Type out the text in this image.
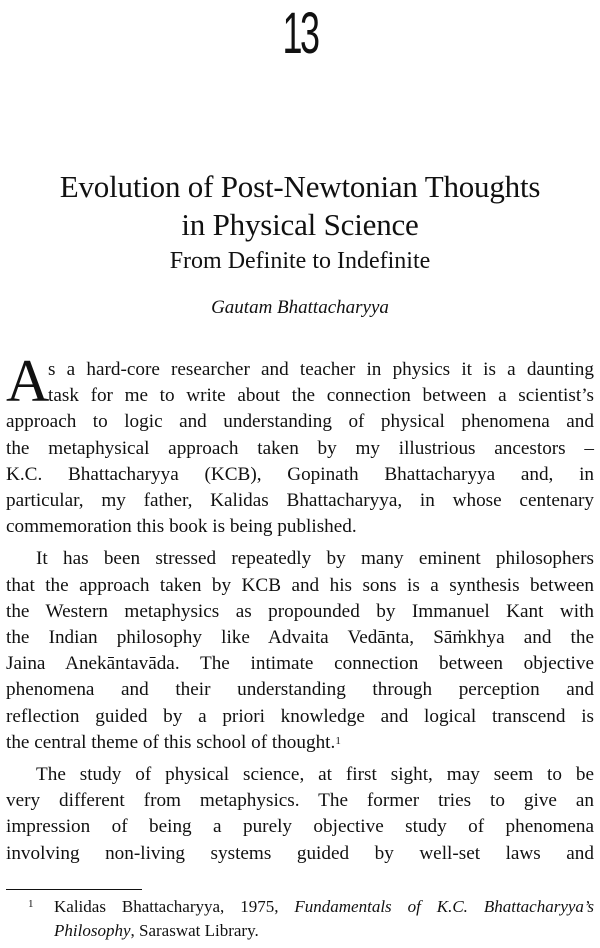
13
Evolution of Post-Newtonian Thoughts
in Physical Science
From Definite to Indefinite
Gautam Bhattacharyya
A
s a hard-core researcher and teacher in physics it is a daunting
task for me to write about the connection between a scientist’s
approach to logic and understanding of physical phenomena and
the metaphysical approach taken by my illustrious ancestors –
K.C. Bhattacharyya (KCB), Gopinath Bhattacharyya and, in
particular, my father, Kalidas Bhattacharyya, in whose centenary
commemoration this book is being published.
It has been stressed repeatedly by many eminent philosophers
that the approach taken by KCB and his sons is a synthesis between
the Western metaphysics as propounded by Immanuel Kant with
the Indian philosophy like Advaita Vedānta, Sāṁkhya and the
Jaina Anekāntavāda. The intimate connection between objective
phenomena and their understanding through perception and
reflection guided by a priori knowledge and logical transcend is
the central theme of this school of thought.$^1$
The study of physical science, at first sight, may seem to be
very different from metaphysics. The former tries to give an
impression of being a purely objective study of phenomena
involving non-living systems guided by well-set laws and
1 Kalidas Bhattacharyya, 1975, Fundamentals of K.C. Bhattacharyya’s
Philosophy, Saraswat Library.
